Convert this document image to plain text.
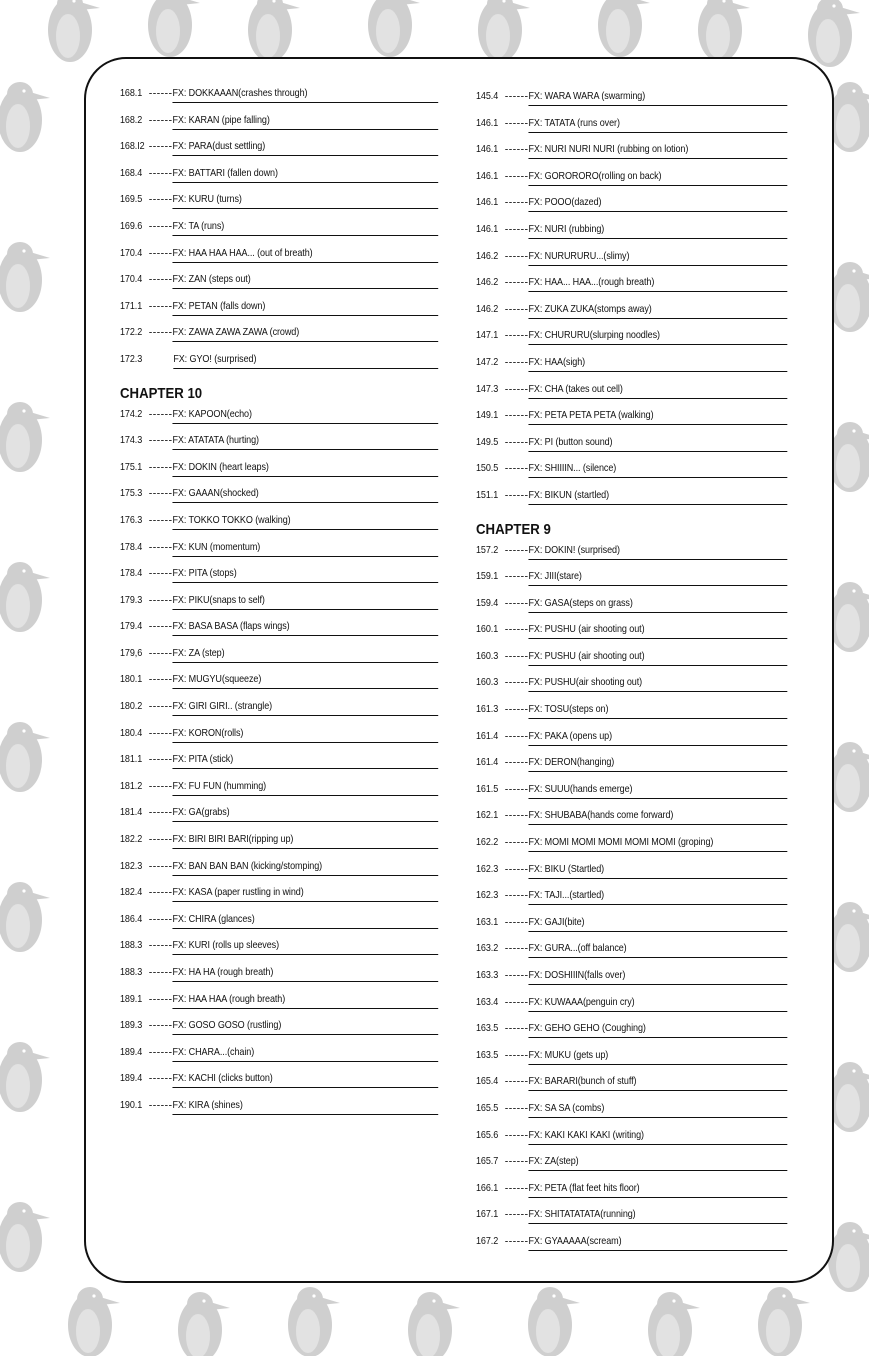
168.1	FX: DOKKAAAN(crashes through)
168.2	FX: KARAN (pipe falling)
168.I2	FX: PARA(dust settling)
168.4	FX: BATTARI (fallen down)
169.5	FX: KURU (turns)
169.6	FX: TA (runs)
170.4	FX: HAA HAA HAA... (out of breath)
170.4	FX: ZAN (steps out)
171.1	FX: PETAN (falls down)
172.2	FX: ZAWA ZAWA ZAWA (crowd)
172.3	FX: GYO! (surprised)
CHAPTER 10
174.2	FX: KAPOON(echo)
174.3	FX: ATATATA (hurting)
175.1	FX: DOKIN (heart leaps)
175.3	FX: GAAAN(shocked)
176.3	FX: TOKKO TOKKO (walking)
178.4	FX: KUN (momentum)
178.4	FX: PITA (stops)
179.3	FX: PIKU(snaps to self)
179.4	FX: BASA BASA (flaps wings)
179,6	FX: ZA (step)
180.1	FX: MUGYU(squeeze)
180.2	FX: GIRI GIRI.. (strangle)
180.4	FX: KORON(rolls)
181.1	FX: PITA (stick)
181.2	FX: FU FUN (humming)
181.4	FX: GA(grabs)
182.2	FX: BIRI BIRI BARI(ripping up)
182.3	FX: BAN BAN BAN (kicking/stomping)
182.4	FX: KASA (paper rustling in wind)
186.4	FX: CHIRA (glances)
188.3	FX: KURI (rolls up sleeves)
188.3	FX: HA HA (rough breath)
189.1	FX: HAA HAA (rough breath)
189.3	FX: GOSO GOSO (rustling)
189.4	FX: CHARA...(chain)
189.4	FX: KACHI (clicks button)
190.1	FX: KIRA (shines)
145.4	FX: WARA WARA (swarming)
146.1	FX: TATATA (runs over)
146.1	FX: NURI NURI NURI (rubbing on lotion)
146.1	FX: GORORORO(rolling on back)
146.1	FX: POOO(dazed)
146.1	FX: NURI (rubbing)
146.2	FX: NURURURU...(slimy)
146.2	FX: HAA... HAA...(rough breath)
146.2	FX: ZUKA ZUKA(stomps away)
147.1	FX: CHURURU(slurping noodles)
147.2	FX: HAA(sigh)
147.3	FX: CHA (takes out cell)
149.1	FX: PETA PETA PETA (walking)
149.5	FX: PI (button sound)
150.5	FX: SHIIIIN... (silence)
151.1	FX: BIKUN (startled)
CHAPTER 9
157.2	FX: DOKIN! (surprised)
159.1	FX: JIII(stare)
159.4	FX: GASA(steps on grass)
160.1	FX: PUSHU (air shooting out)
160.3	FX: PUSHU (air shooting out)
160.3	FX: PUSHU(air shooting out)
161.3	FX: TOSU(steps on)
161.4	FX: PAKA (opens up)
161.4	FX: DERON(hanging)
161.5	FX: SUUU(hands emerge)
162.1	FX: SHUBABA(hands come forward)
162.2	FX: MOMI MOMI MOMI MOMI MOMI (groping)
162.3	FX: BIKU (Startled)
162.3	FX: TAJI...(startled)
163.1	FX: GAJI(bite)
163.2	FX: GURA...(off balance)
163.3	FX: DOSHIIIN(falls over)
163.4	FX: KUWAAA(penguin cry)
163.5	FX: GEHO GEHO (Coughing)
163.5	FX: MUKU (gets up)
165.4	FX: BARARI(bunch of stuff)
165.5	FX: SA SA (combs)
165.6	FX: KAKI KAKI KAKI (writing)
165.7	FX: ZA(step)
166.1	FX: PETA (flat feet hits floor)
167.1	FX: SHITATATATA(running)
167.2	FX: GYAAAAA(scream)
